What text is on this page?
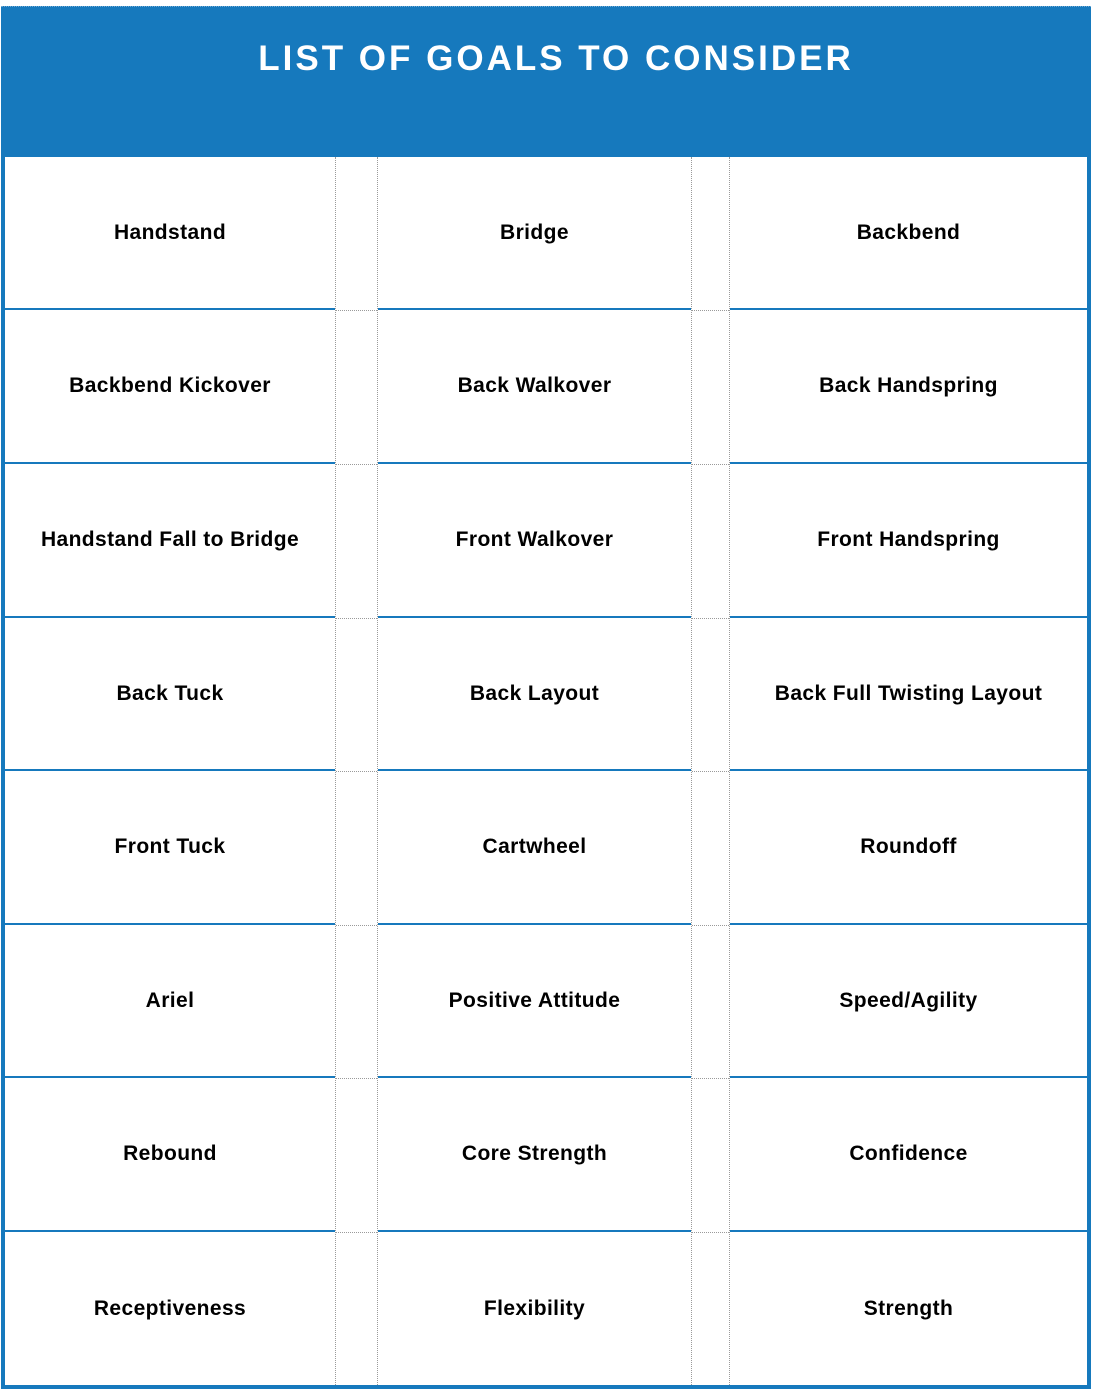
LIST OF GOALS TO CONSIDER
Handstand	Bridge	Backbend
Backbend Kickover	Back Walkover	Back Handspring
Handstand Fall to Bridge	Front Walkover	Front Handspring
Back Tuck	Back Layout	Back Full Twisting Layout
Front Tuck	Cartwheel	Roundoff
Ariel	Positive Attitude	Speed/Agility
Rebound	Core Strength	Confidence
Receptiveness	Flexibility	Strength
